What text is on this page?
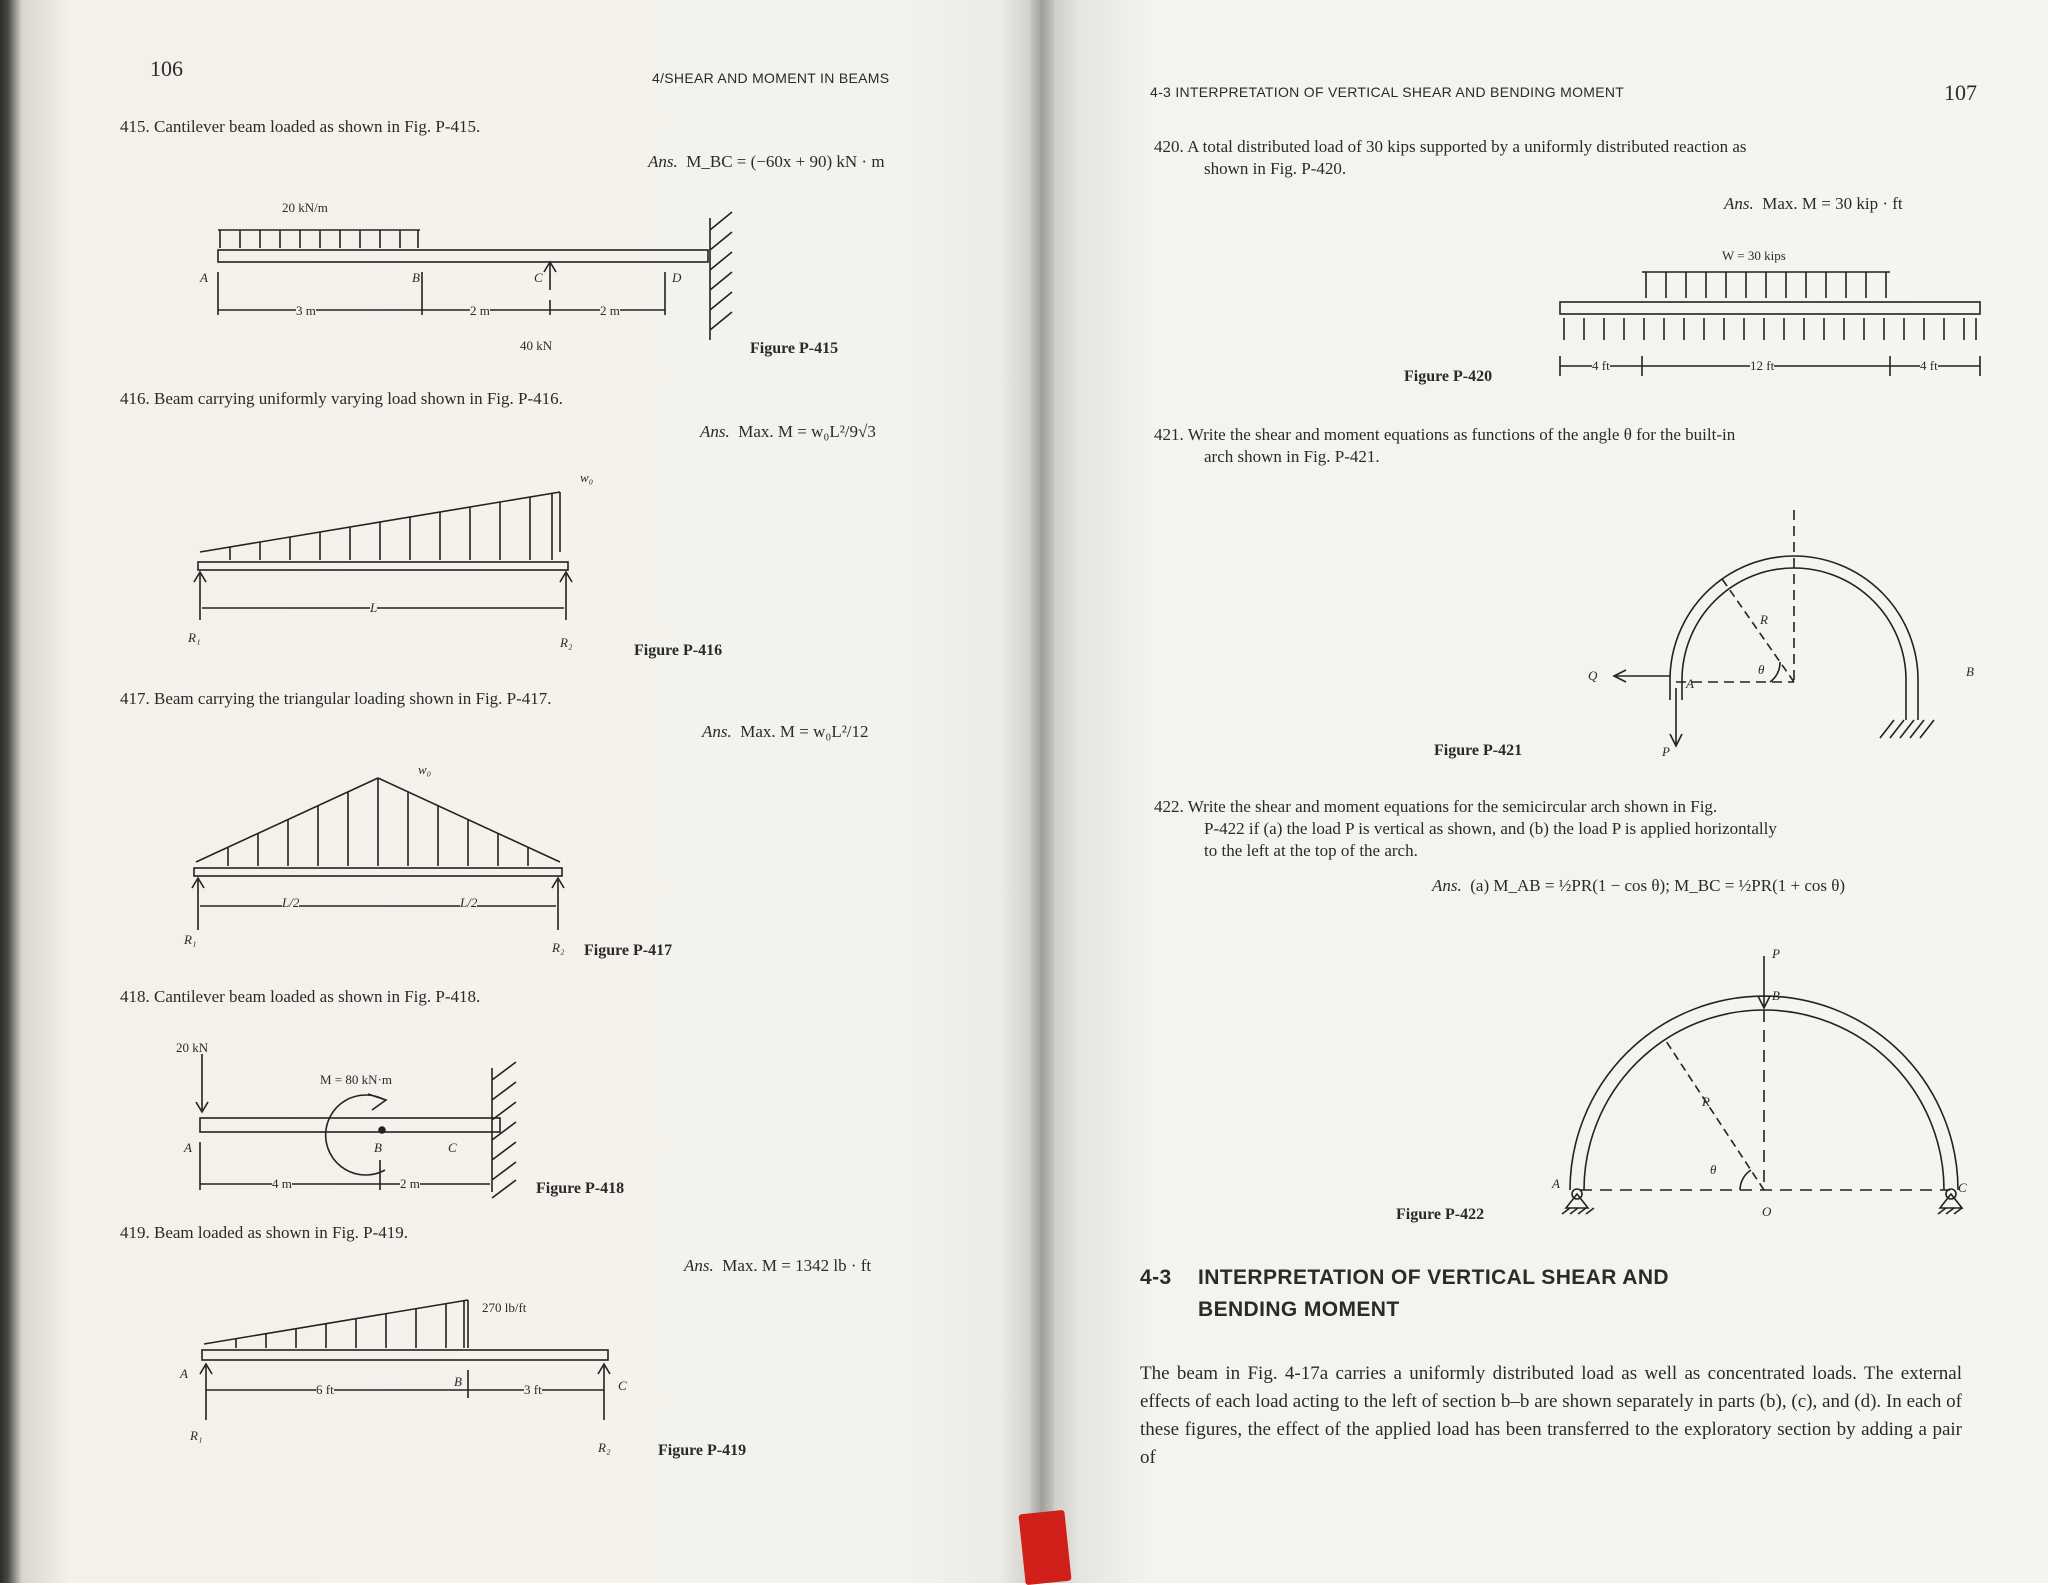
106	4/SHEAR AND MOMENT IN BEAMS
415. Cantilever beam loaded as shown in Fig. P-415.
Ans. M_BC = (−60x + 90) kN · m
20 kN/m
A	B	C	D
3 m	2 m	2 m
40 kN	Figure P-415
416. Beam carrying uniformly varying load shown in Fig. P-416.
Ans. Max. M = w₀L²/9√3
w₀
L
R₁	R₂	Figure P-416
417. Beam carrying the triangular loading shown in Fig. P-417.
Ans. Max. M = w₀L²/12
w₀
L/2	L/2
R₁
R₂ Figure P-417
418. Cantilever beam loaded as shown in Fig. P-418.
20 kN
M = 80 kN·m
A	B	C
4 m	2 m	Figure P-418
419. Beam loaded as shown in Fig. P-419.
Ans. Max. M = 1342 lb · ft
270 lb/ft
A
B	C
6 ft	3 ft
R₁
R₂	Figure P-419
4-3 INTERPRETATION OF VERTICAL SHEAR AND BENDING MOMENT	107
420. A total distributed load of 30 kips supported by a uniformly distributed reaction as
shown in Fig. P-420.
Ans. Max. M = 30 kip · ft
W = 30 kips
4 ft	12 ft	4 ft
Figure P-420
421. Write the shear and moment equations as functions of the angle θ for the built-in
arch shown in Fig. P-421.
Q
A
B
R
θ
P
Figure P-421
422. Write the shear and moment equations for the semicircular arch shown in Fig.
P-422 if (a) the load P is vertical as shown, and (b) the load P is applied horizontally
to the left at the top of the arch.
Ans. (a) M_AB = ½PR(1 − cos θ); M_BC = ½PR(1 + cos θ)
P
B
R
θ
A
O
C
Figure P-422
4-3 INTERPRETATION OF VERTICAL SHEAR AND
BENDING MOMENT
The beam in Fig. 4-17a carries a uniformly distributed load as well as concentrated loads. The external effects of each load acting to the left of section b–b are shown separately in parts (b), (c), and (d). In each of these figures, the effect of the applied load has been transferred to the exploratory section by adding a pair of
